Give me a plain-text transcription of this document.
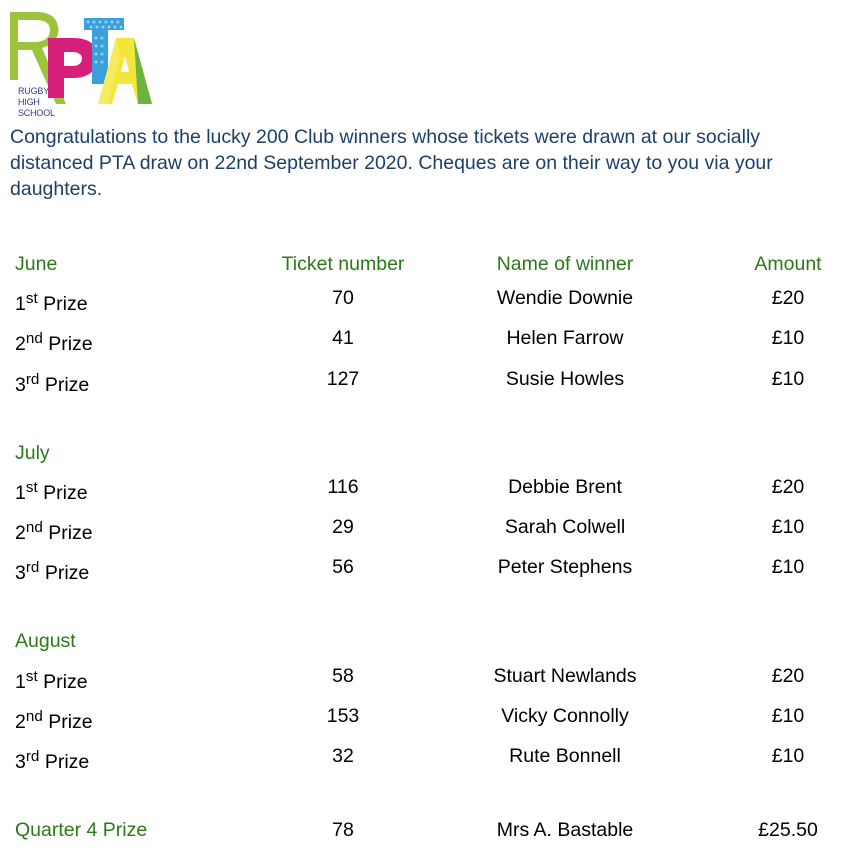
RUGBY
HIGH
SCHOOL

Congratulations to the lucky 200 Club winners whose tickets were drawn at our socially distanced PTA draw on 22nd September 2020. Cheques are on their way to you via your daughters.

June	Ticket number	Name of winner	Amount
1st Prize	70	Wendie Downie	£20
2nd Prize	41	Helen Farrow	£10
3rd Prize	127	Susie Howles	£10
July
1st Prize	116	Debbie Brent	£20
2nd Prize	29	Sarah Colwell	£10
3rd Prize	56	Peter Stephens	£10
August
1st Prize	58	Stuart Newlands	£20
2nd Prize	153	Vicky Connolly	£10
3rd Prize	32	Rute Bonnell	£10
Quarter 4 Prize	78	Mrs A. Bastable	£25.50
